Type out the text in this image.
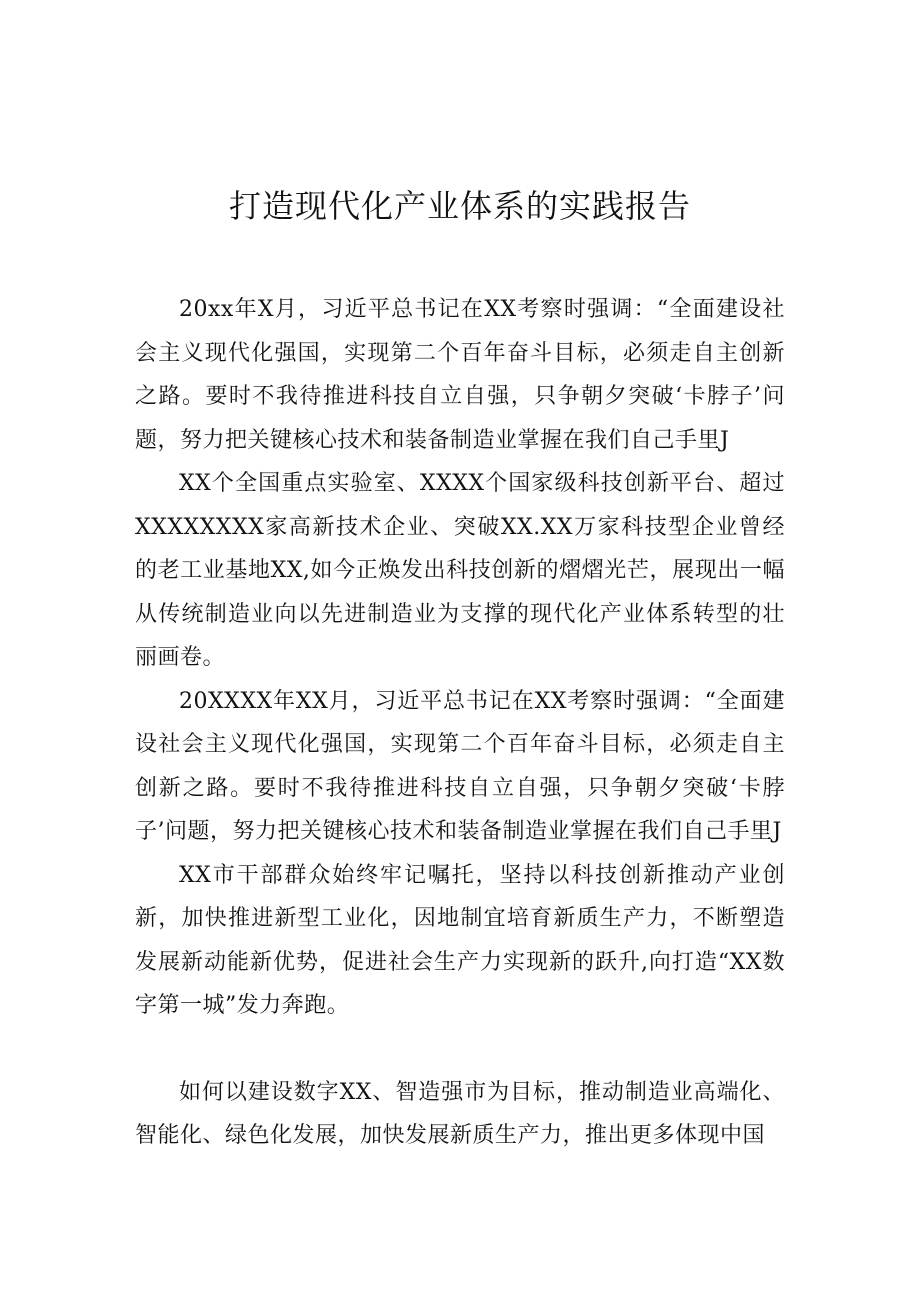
打造现代化产业体系的实践报告

20xx年X月，习近平总书记在XX考察时强调：“全面建设社会主义现代化强国，实现第二个百年奋斗目标，必须走自主创新之路。要时不我待推进科技自立自强，只争朝夕突破‘卡脖子’问题，努力把关键核心技术和装备制造业掌握在我们自己手里J

XX个全国重点实验室、XXXX个国家级科技创新平台、超过XXXXXXXX家高新技术企业、突破XX.XX万家科技型企业曾经的老工业基地XX,如今正焕发出科技创新的熠熠光芒，展现出一幅从传统制造业向以先进制造业为支撑的现代化产业体系转型的壮丽画卷。

20XXXX年XX月，习近平总书记在XX考察时强调：“全面建设社会主义现代化强国，实现第二个百年奋斗目标，必须走自主创新之路。要时不我待推进科技自立自强，只争朝夕突破‘卡脖子’问题，努力把关键核心技术和装备制造业掌握在我们自己手里J

XX市干部群众始终牢记嘱托，坚持以科技创新推动产业创新，加快推进新型工业化，因地制宜培育新质生产力，不断塑造发展新动能新优势，促进社会生产力实现新的跃升,向打造“XX数字第一城”发力奔跑。

如何以建设数字XX、智造强市为目标，推动制造业高端化、智能化、绿色化发展，加快发展新质生产力，推出更多体现中国
